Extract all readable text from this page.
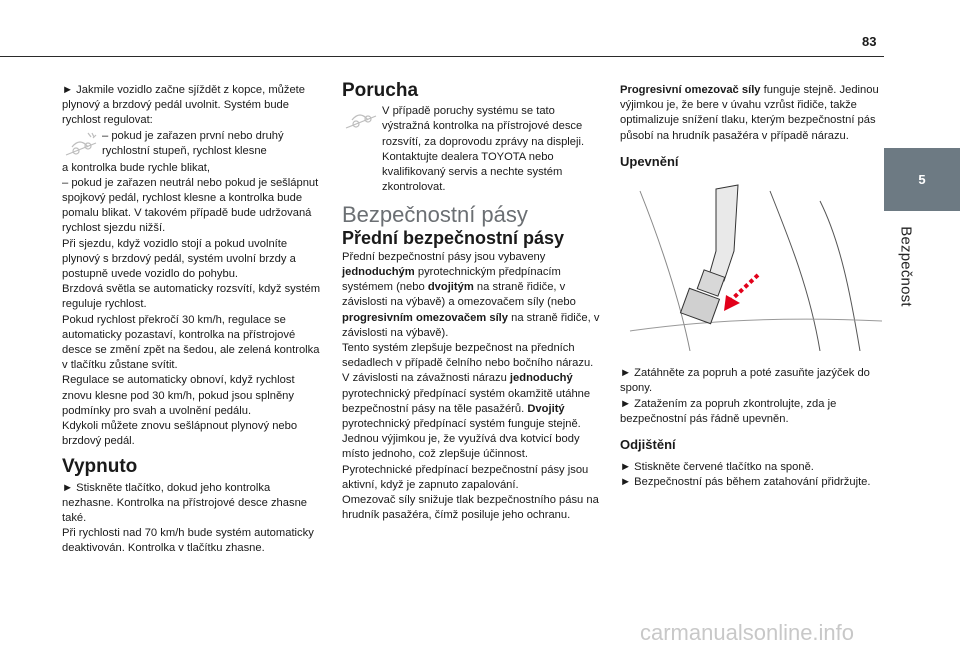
83
5
Bezpečnost

► Jakmile vozidlo začne sjíždět z kopce, můžete plynový a brzdový pedál uvolnit. Systém bude rychlost regulovat:

– pokud je zařazen první nebo druhý rychlostní stupeň, rychlost klesne

a kontrolka bude rychle blikat,

– pokud je zařazen neutrál nebo pokud je sešlápnut spojkový pedál, rychlost klesne a kontrolka bude pomalu blikat. V takovém případě bude udržovaná rychlost sjezdu nižší.

Při sjezdu, když vozidlo stojí a pokud uvolníte plynový s brzdový pedál, systém uvolní brzdy a postupně uvede vozidlo do pohybu.

Brzdová světla se automaticky rozsvítí, když systém reguluje rychlost.

Pokud rychlost překročí 30 km/h, regulace se automaticky pozastaví, kontrolka na přístrojové desce se změní zpět na šedou, ale zelená kontrolka v tlačítku zůstane svítit.

Regulace se automaticky obnoví, když rychlost znovu klesne pod 30 km/h, pokud jsou splněny podmínky pro svah a uvolnění pedálu.

Kdykoli můžete znovu sešlápnout plynový nebo brzdový pedál.

Vypnuto

► Stiskněte tlačítko, dokud jeho kontrolka nezhasne. Kontrolka na přístrojové desce zhasne také.

Při rychlosti nad 70 km/h bude systém automaticky deaktivován. Kontrolka v tlačítku zhasne.

Porucha

V případě poruchy systému se tato výstražná kontrolka na přístrojové desce rozsvítí, za doprovodu zprávy na displeji. Kontaktujte dealera TOYOTA nebo kvalifikovaný servis a nechte systém zkontrolovat.

Bezpečnostní pásy
Přední bezpečnostní pásy

Přední bezpečnostní pásy jsou vybaveny jednoduchým pyrotechnickým předpínacím systémem (nebo dvojitým na straně řidiče, v závislosti na výbavě) a omezovačem síly (nebo progresivním omezovačem síly na straně řidiče, v závislosti na výbavě).

Tento systém zlepšuje bezpečnost na předních sedadlech v případě čelního nebo bočního nárazu.

V závislosti na závažnosti nárazu jednoduchý pyrotechnický předpínací systém okamžitě utáhne bezpečnostní pásy na těle pasažérů. Dvojitý pyrotechnický předpínací systém funguje stejně. Jednou výjimkou je, že využívá dva kotvicí body místo jednoho, což zlepšuje účinnost.

Pyrotechnické předpínací bezpečnostní pásy jsou aktivní, když je zapnuto zapalování.

Omezovač síly snižuje tlak bezpečnostního pásu na hrudník pasažéra, čímž posiluje jeho ochranu.

Progresivní omezovač síly funguje stejně. Jedinou výjimkou je, že bere v úvahu vzrůst řidiče, takže optimalizuje snížení tlaku, kterým bezpečnostní pás působí na hrudník pasažéra v případě nárazu.

Upevnění

► Zatáhněte za popruh a poté zasuňte jazýček do spony.

► Zatažením za popruh zkontrolujte, zda je bezpečnostní pás řádně upevněn.

Odjištění

► Stiskněte červené tlačítko na sponě.

► Bezpečnostní pás během zatahování přidržujte.

carmanualsonline.info
